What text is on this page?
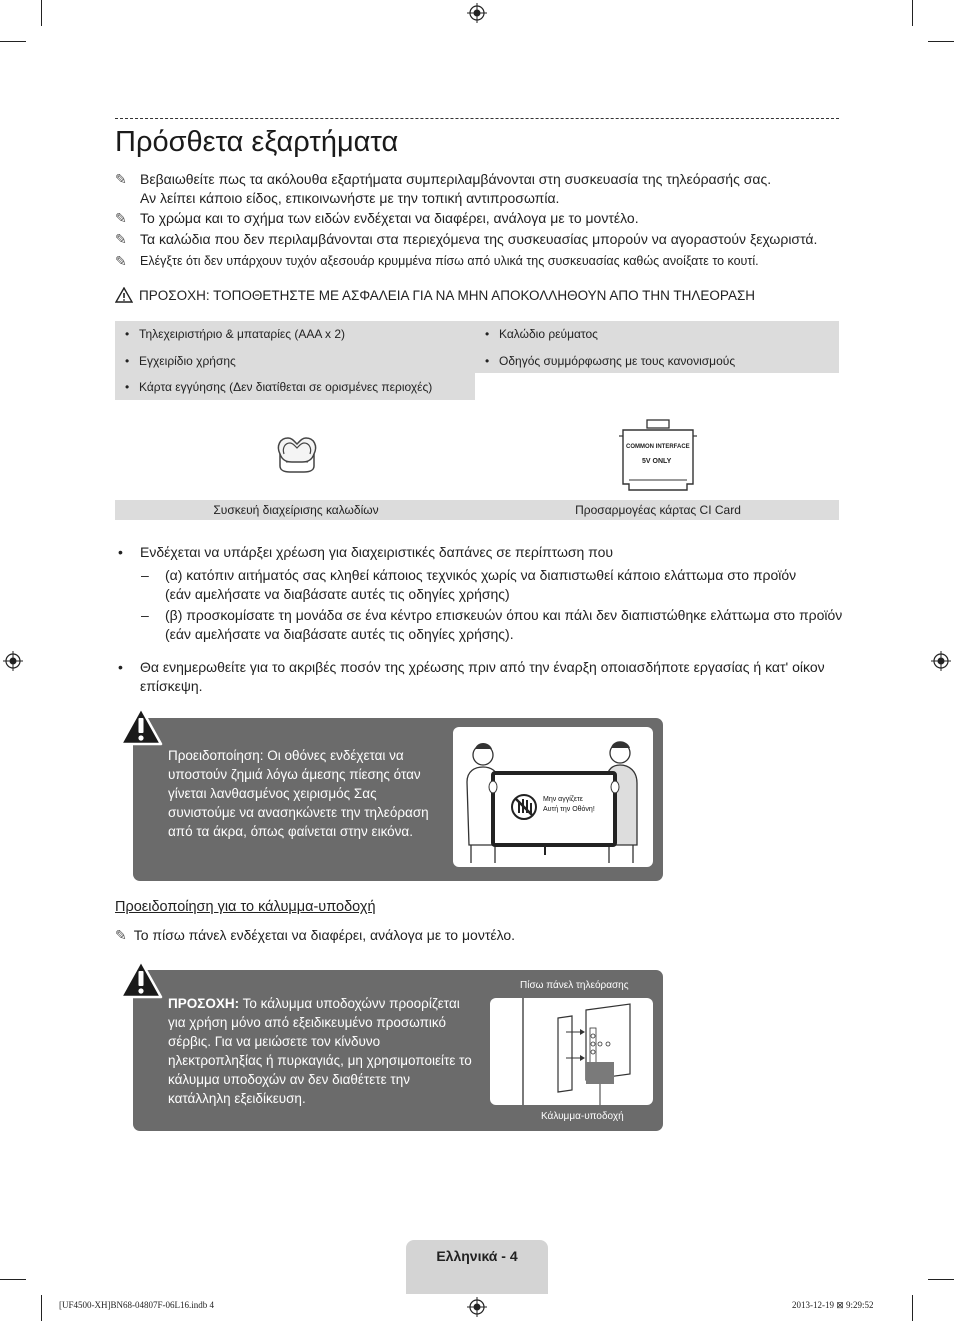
Πρόσθετα εξαρτήματα
✎ Βεβαιωθείτε πως τα ακόλουθα εξαρτήματα συμπεριλαμβάνονται στη συσκευασία της τηλεόρασής σας.
Αν λείπει κάποιο είδος, επικοινωνήστε με την τοπική αντιπροσωπία.
✎ Το χρώμα και το σχήμα των ειδών ενδέχεται να διαφέρει, ανάλογα με το μοντέλο.
✎ Τα καλώδια που δεν περιλαμβάνονται στα περιεχόμενα της συσκευασίας μπορούν να αγοραστούν ξεχωριστά.
✎ Ελέγξτε ότι δεν υπάρχουν τυχόν αξεσουάρ κρυμμένα πίσω από υλικά της συσκευασίας καθώς ανοίξατε το κουτί.
ΠΡΟΣΟΧΗ: ΤΟΠΟΘΕΤΗΣΤΕ ΜΕ ΑΣΦΑΛΕΙΑ ΓΙΑ ΝΑ ΜΗΝ ΑΠΟΚΟΛΛΗΘΟΥΝ ΑΠΟ ΤΗΝ ΤΗΛΕΟΡΑΣΗ
• Τηλεχειριστήριο & μπαταρίες (AAA x 2)
• Εγχειρίδιο χρήσης
• Κάρτα εγγύησης (Δεν διατίθεται σε ορισμένες περιοχές)
• Καλώδιο ρεύματος
• Οδηγός συμμόρφωσης με τους κανονισμούς
COMMON INTERFACE
5V ONLY
Συσκευή διαχείρισης καλωδίων	Προσαρμογέας κάρτας CI Card
• Ενδέχεται να υπάρξει χρέωση για διαχειριστικές δαπάνες σε περίπτωση που
– (α) κατόπιν αιτήματός σας κληθεί κάποιος τεχνικός χωρίς να διαπιστωθεί κάποιο ελάττωμα στο προϊόν
(εάν αμελήσατε να διαβάσατε αυτές τις οδηγίες χρήσης)
– (β) προσκομίσατε τη μονάδα σε ένα κέντρο επισκευών όπου και πάλι δεν διαπιστώθηκε ελάττωμα στο προϊόν
(εάν αμελήσατε να διαβάσατε αυτές τις οδηγίες χρήσης).
• Θα ενημερωθείτε για το ακριβές ποσόν της χρέωσης πριν από την έναρξη οποιασδήποτε εργασίας ή κατ' οίκον επίσκεψη.
Προειδοποίηση: Οι οθόνες ενδέχεται να υποστούν ζημιά λόγω άμεσης πίεσης όταν γίνεται λανθασμένος χειρισμός Σας συνιστούμε να ανασηκώνετε την τηλεόραση από τα άκρα, όπως φαίνεται στην εικόνα.
Μην αγγίζετε
Αυτή την Οθόνη!
Προειδοποίηση για το κάλυμμα-υποδοχή
✎ Το πίσω πάνελ ενδέχεται να διαφέρει, ανάλογα με το μοντέλο.
ΠΡΟΣΟΧΗ: Το κάλυμμα υποδοχώνν προορίζεται για χρήση μόνο από εξειδικευμένο προσωπικό σέρβις. Για να μειώσετε τον κίνδυνο ηλεκτροπληξίας ή πυρκαγιάς, μη χρησιμοποιείτε το κάλυμμα υποδοχών αν δεν διαθέτετε την κατάλληλη εξειδίκευση.
Πίσω πάνελ τηλεόρασης
Κάλυμμα-υποδοχή
Ελληνικά - 4
[UF4500-XH]BN68-04807F-06L16.indb 4	2013-12-19 ⊠ 9:29:52
